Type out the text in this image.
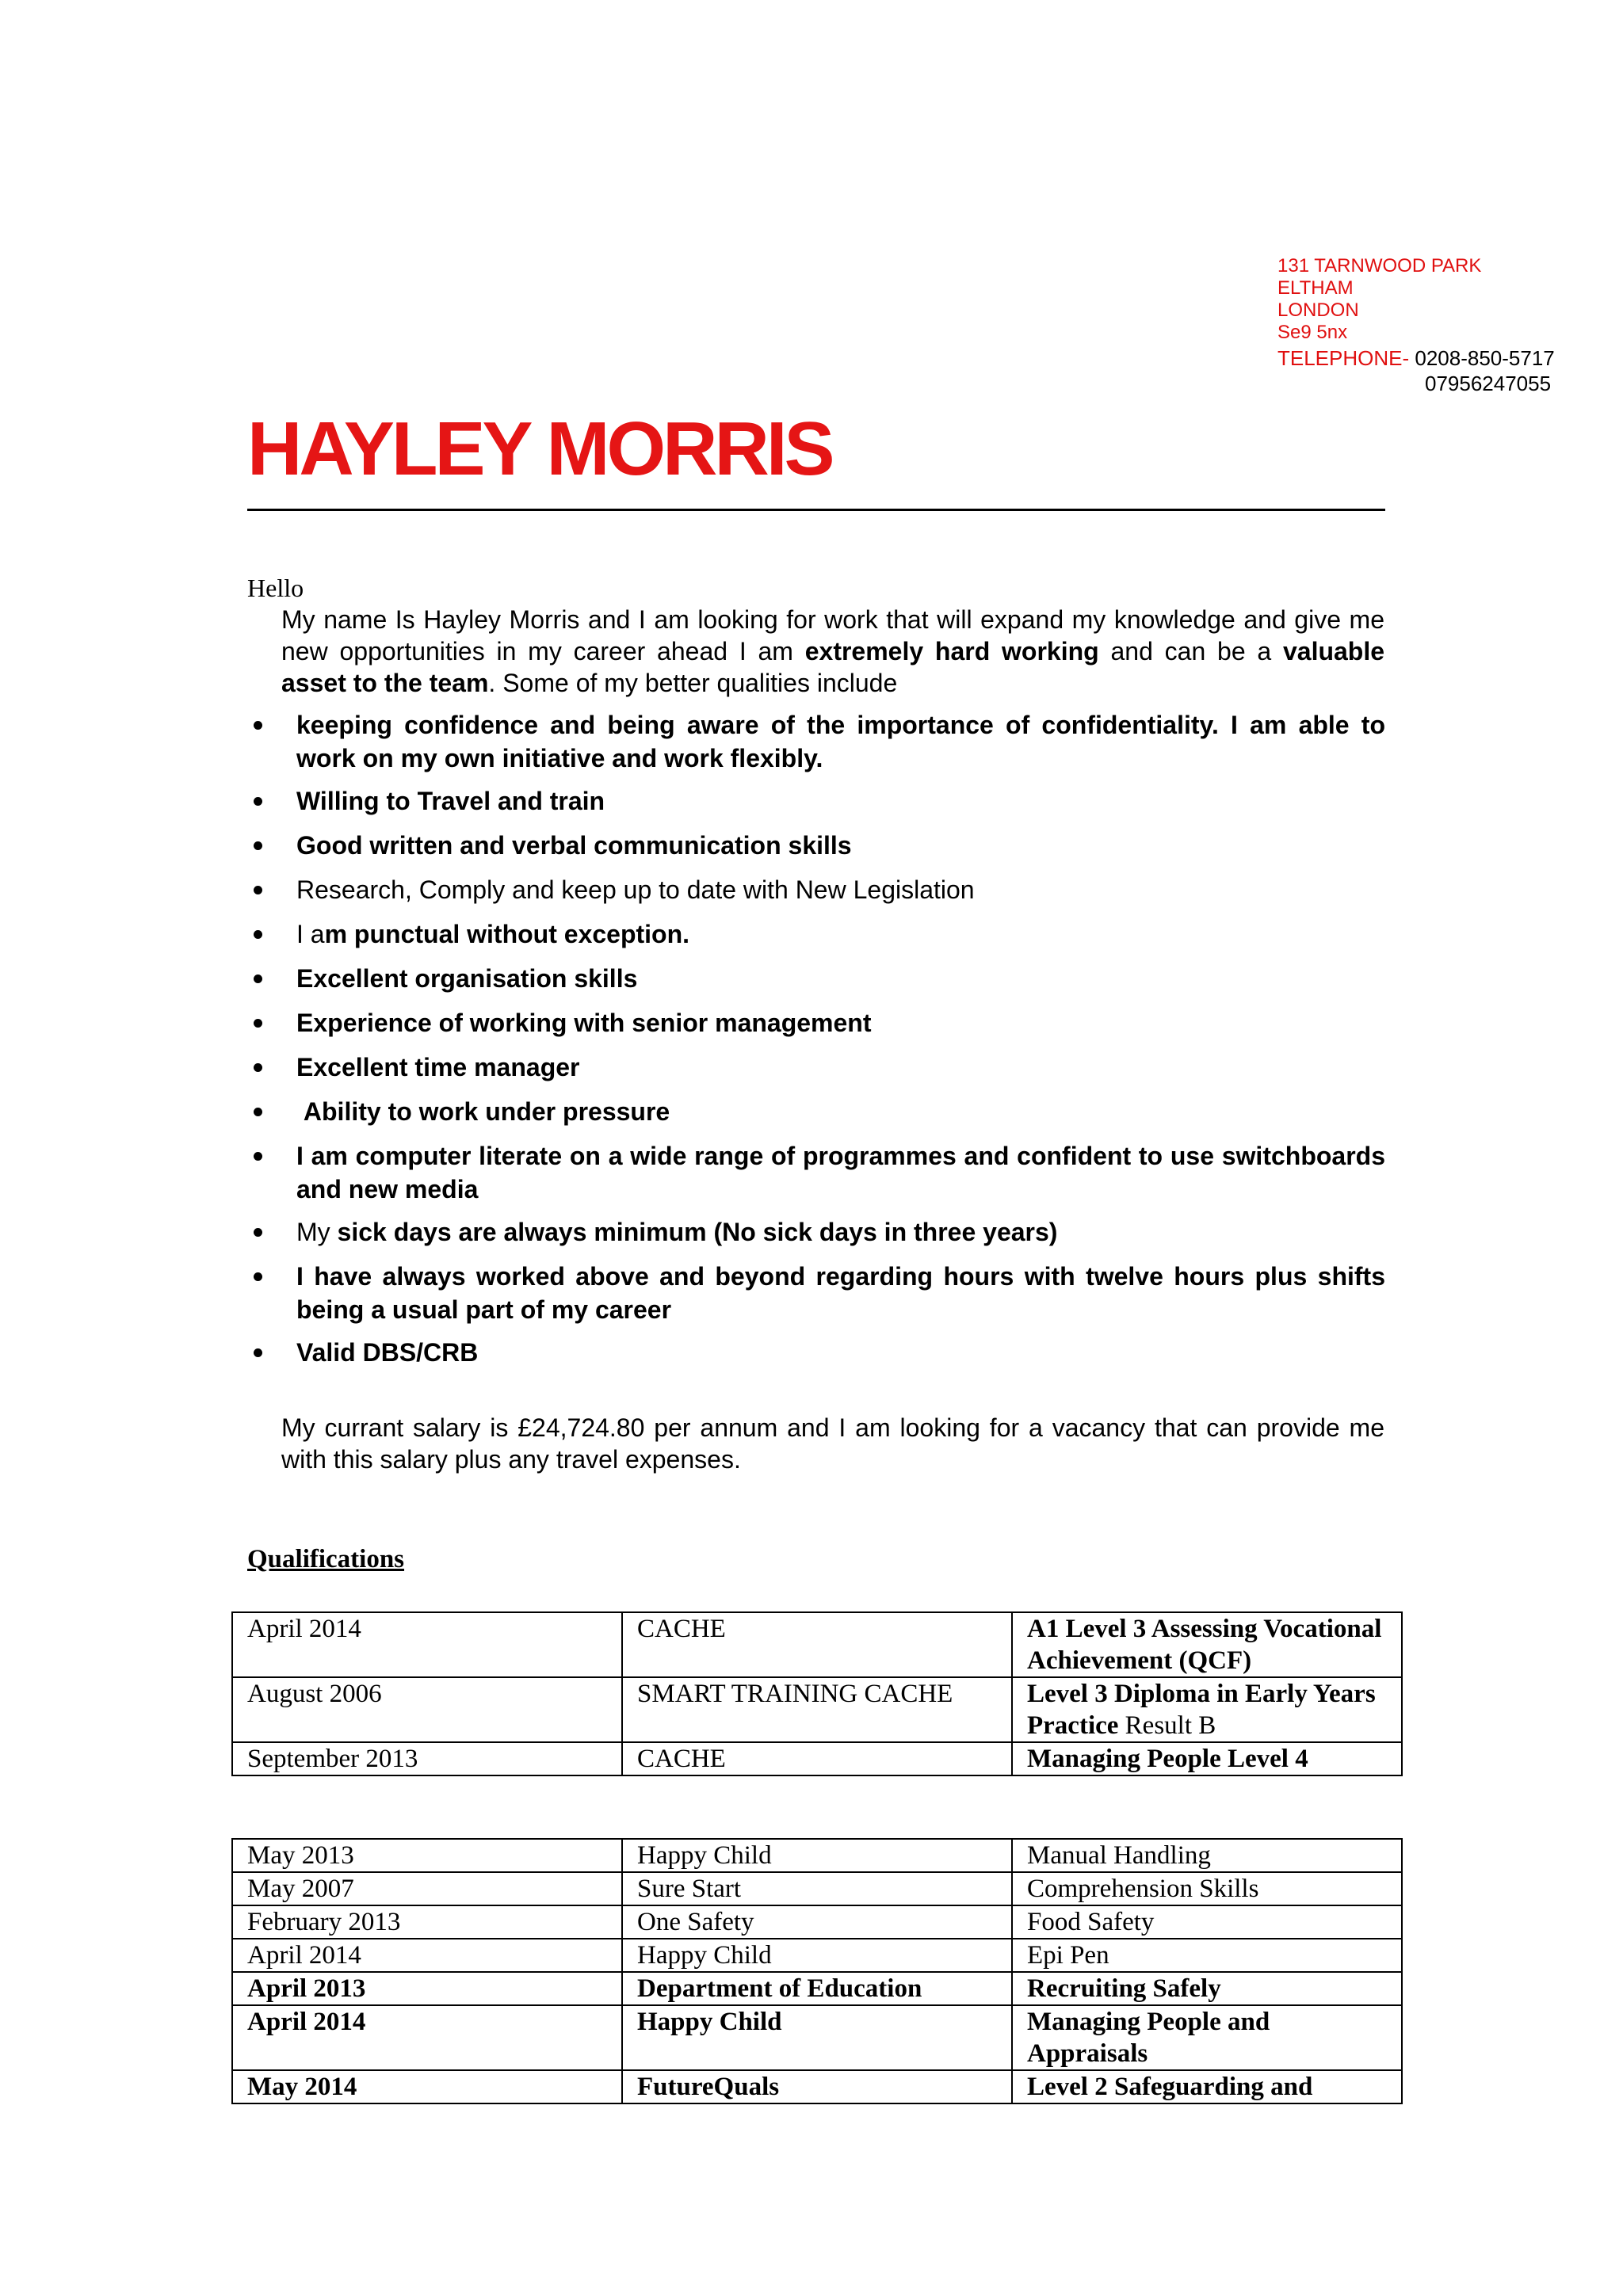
131 TARNWOOD PARK
ELTHAM
LONDON
Se9 5nx
TELEPHONE- 0208-850-5717
07956247055
HAYLEY MORRIS
Hello
My name Is Hayley Morris and I am looking for work that will expand my knowledge and give me new opportunities in my career ahead I am extremely hard working and can be a valuable asset to the team. Some of my better qualities include
keeping confidence and being aware of the importance of confidentiality. I am able to work on my own initiative and work flexibly.
Willing to Travel and train
Good written and verbal communication skills
Research, Comply and keep up to date with New Legislation
I am punctual without exception.
Excellent organisation skills
Experience of working with senior management
Excellent time manager
Ability to work under pressure
I am computer literate on a wide range of programmes and confident to use switchboards and new media
My sick days are always minimum (No sick days in three years)
I have always worked above and beyond regarding hours with twelve hours plus shifts being a usual part of my career
Valid DBS/CRB
My currant salary is £24,724.80 per annum and I am looking for a vacancy that can provide me with this salary plus any travel expenses.
Qualifications
April 2014	CACHE	A1 Level 3 Assessing Vocational Achievement (QCF)
August 2006	SMART TRAINING CACHE	Level 3 Diploma in Early Years Practice Result B
September 2013	CACHE	Managing People Level 4
May 2013	Happy Child	Manual Handling
May 2007	Sure Start	Comprehension Skills
February 2013	One Safety	Food Safety
April 2014	Happy Child	Epi Pen
April 2013	Department of Education	Recruiting Safely
April 2014	Happy Child	Managing People and Appraisals
May 2014	FutureQuals	Level 2 Safeguarding and
